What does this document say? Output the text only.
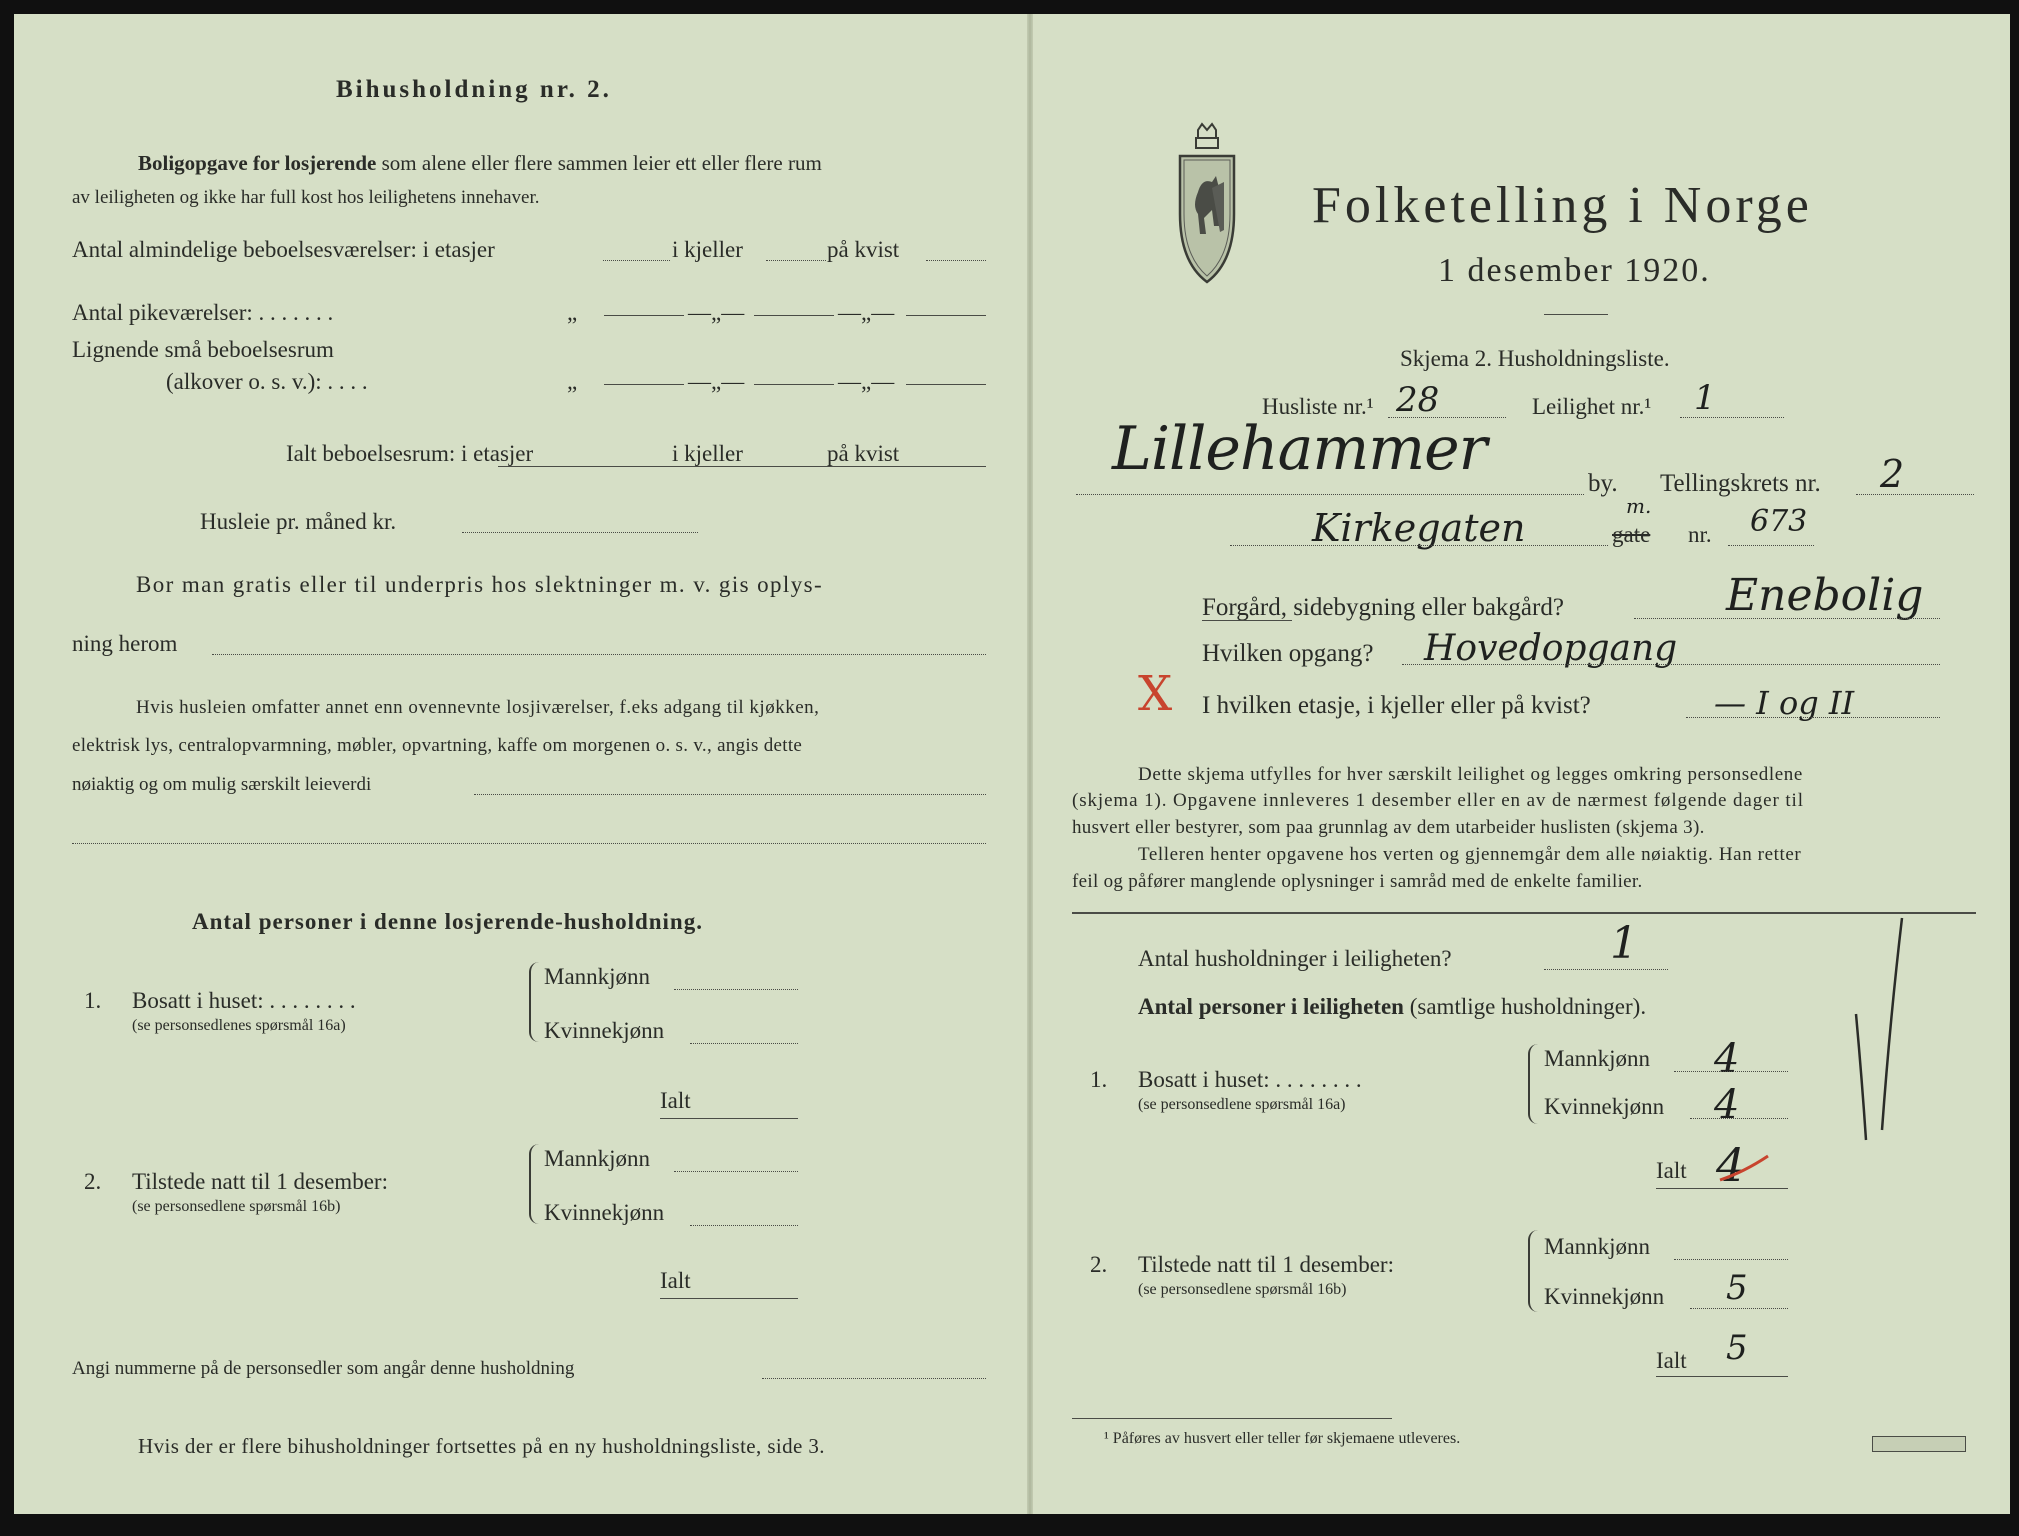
Bihusholdning nr. 2.
Boligopgave for losjerende som alene eller flere sammen leier ett eller flere rum
av leiligheten og ikke har full kost hos leilighetens innehaver.
Antal almindelige beboelsesværelser: i etasjer	i kjeller	på kvist
Antal pikeværelser: . . . . . . .	„	—„—	—„—
Lignende små beboelsesrum
(alkover o. s. v.): . . . .	„	—„—	—„—
Ialt beboelsesrum: i etasjer	i kjeller	på kvist
Husleie pr. måned kr.
Bor man gratis eller til underpris hos slektninger m. v. gis oplys-
ning herom
Hvis husleien omfatter annet enn ovennevnte losjiværelser, f.eks adgang til kjøkken,
elektrisk lys, centralopvarmning, møbler, opvartning, kaffe om morgenen o. s. v., angis dette
nøiaktig og om mulig særskilt leieverdi
Antal personer i denne losjerende-husholdning.
1. Bosatt i huset: . . . . . . . .
(se personsedlenes spørsmål 16a)
Mannkjønn
Kvinnekjønn
Ialt
2. Tilstede natt til 1 desember:
(se personsedlene spørsmål 16b)
Mannkjønn
Kvinnekjønn
Ialt
Angi nummerne på de personsedler som angår denne husholdning
Hvis der er flere bihusholdninger fortsettes på en ny husholdningsliste, side 3.
Folketelling i Norge
1 desember 1920.
Skjema 2. Husholdningsliste.
Husliste nr.¹ 28	Leilighet nr.¹ 1
Lillehammer	by. Tellingskrets nr. 2
Kirkegaten	m.
gate nr. 673
Forgård, sidebygning eller bakgård?	Enebolig
Hvilken opgang? Hovedopgang
X I hvilken etasje, i kjeller eller på kvist?	— I og II
Dette skjema utfylles for hver særskilt leilighet og legges omkring personsedlene
(skjema 1). Opgavene innleveres 1 desember eller en av de nærmest følgende dager til
husvert eller bestyrer, som paa grunnlag av dem utarbeider huslisten (skjema 3).
Telleren henter opgavene hos verten og gjennemgår dem alle nøiaktig. Han retter
feil og påfører manglende oplysninger i samråd med de enkelte familier.
Antal husholdninger i leiligheten?	1
Antal personer i leiligheten (samtlige husholdninger).
1. Bosatt i huset: . . . . . . . .
(se personsedlene spørsmål 16a)
Mannkjønn 4
Kvinnekjønn 4
Ialt 4
2. Tilstede natt til 1 desember:
(se personsedlene spørsmål 16b)
Mannkjønn
Kvinnekjønn 5
Ialt 5
¹ Påføres av husvert eller teller før skjemaene utleveres.
